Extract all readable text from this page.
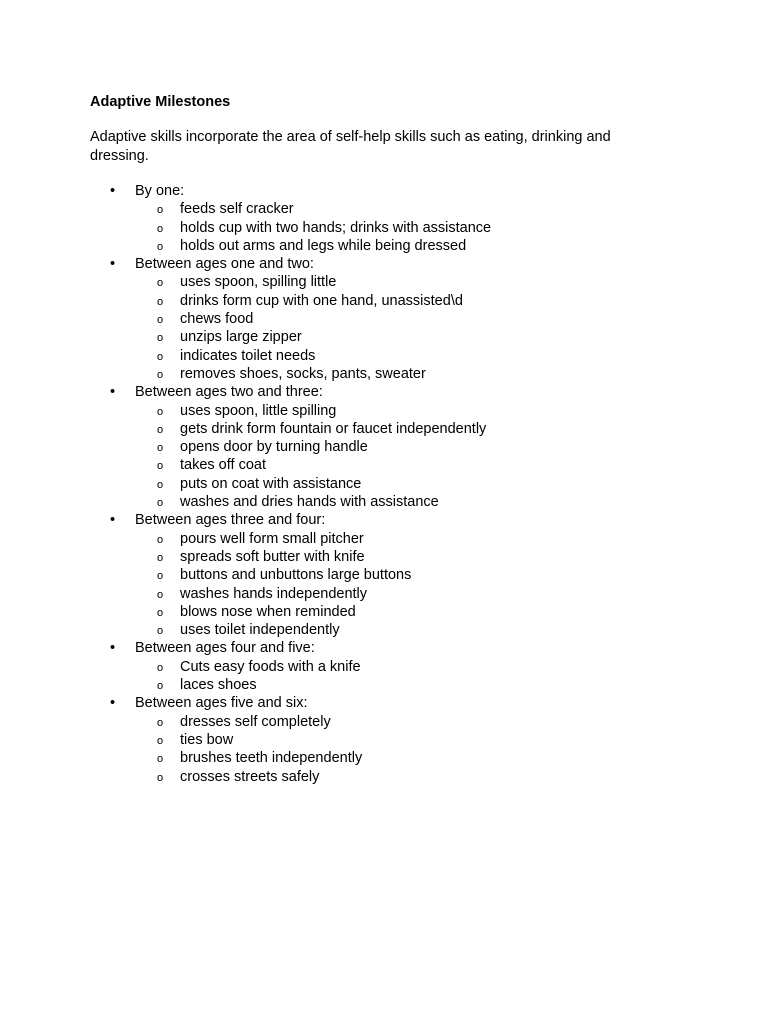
Adaptive Milestones

Adaptive skills incorporate the area of self-help skills such as eating, drinking and dressing.

• By one:
o feeds self cracker
o holds cup with two hands; drinks with assistance
o holds out arms and legs while being dressed
• Between ages one and two:
o uses spoon, spilling little
o drinks form cup with one hand, unassisted\d
o chews food
o unzips large zipper
o indicates toilet needs
o removes shoes, socks, pants, sweater
• Between ages two and three:
o uses spoon, little spilling
o gets drink form fountain or faucet independently
o opens door by turning handle
o takes off coat
o puts on coat with assistance
o washes and dries hands with assistance
• Between ages three and four:
o pours well form small pitcher
o spreads soft butter with knife
o buttons and unbuttons large buttons
o washes hands independently
o blows nose when reminded
o uses toilet independently
• Between ages four and five:
o Cuts easy foods with a knife
o laces shoes
• Between ages five and six:
o dresses self completely
o ties bow
o brushes teeth independently
o crosses streets safely
